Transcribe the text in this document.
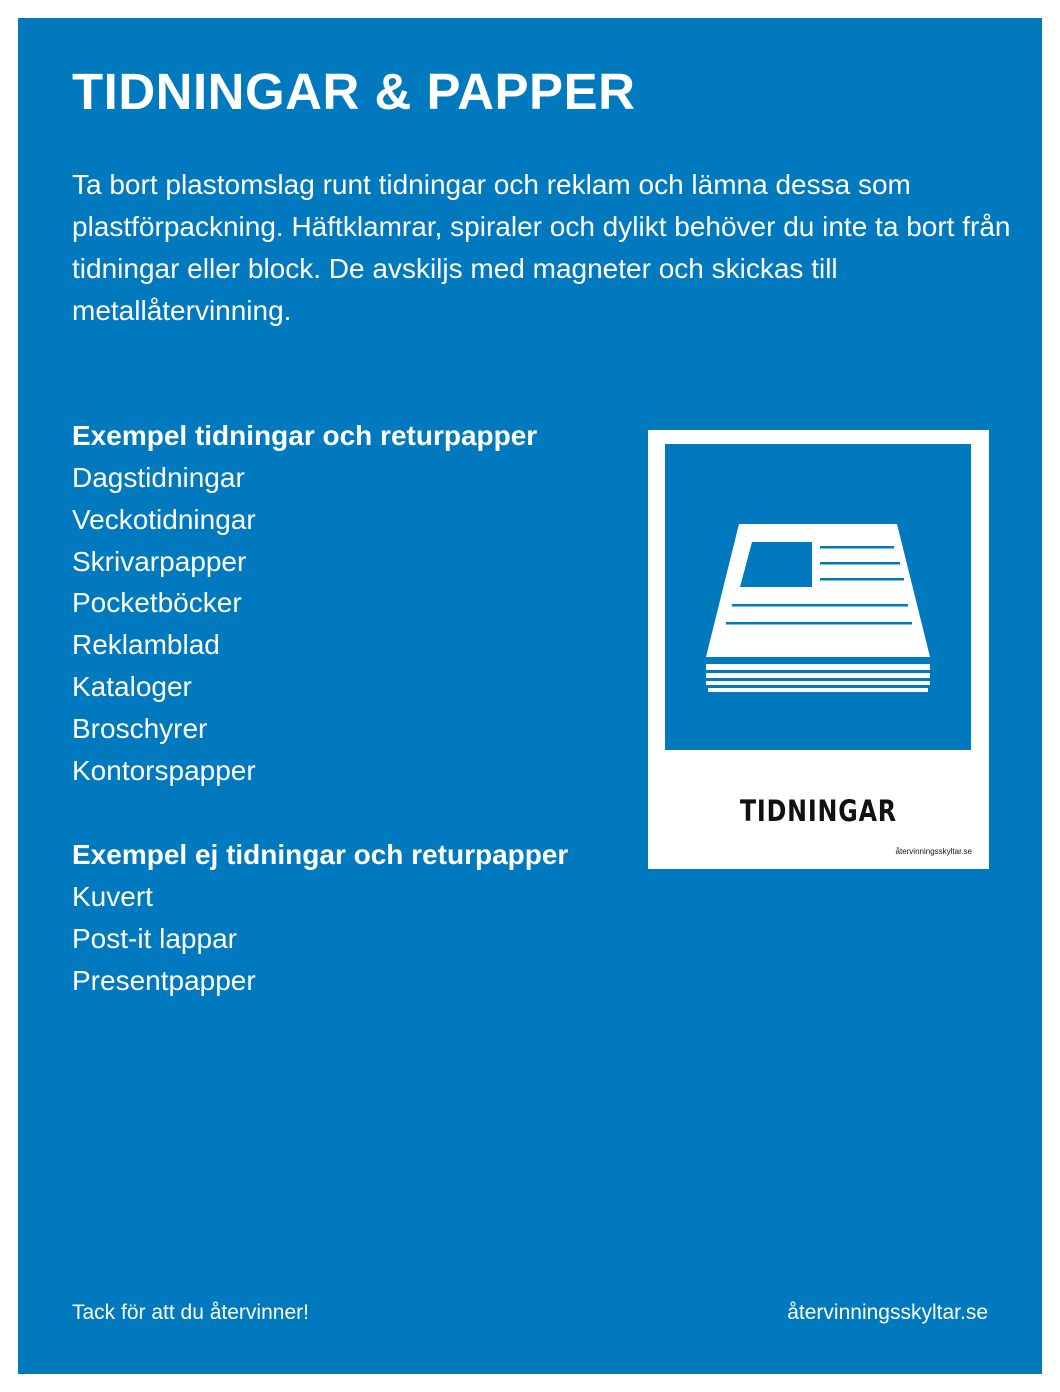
TIDNINGAR & PAPPER

Ta bort plastomslag runt tidningar och reklam och lämna dessa som plastförpackning. Häftklamrar, spiraler och dylikt behöver du inte ta bort från tidningar eller block. De avskiljs med magneter och skickas till metallåtervinning.

Exempel tidningar och returpapper
Dagstidningar
Veckotidningar
Skrivarpapper
Pocketböcker
Reklamblad
Kataloger
Broschyrer
Kontorspapper
Exempel ej tidningar och returpapper
Kuvert
Post-it lappar
Presentpapper
TIDNINGAR
återvinningsskyltar.se
Tack för att du återvinner!	återvinningsskyltar.se
